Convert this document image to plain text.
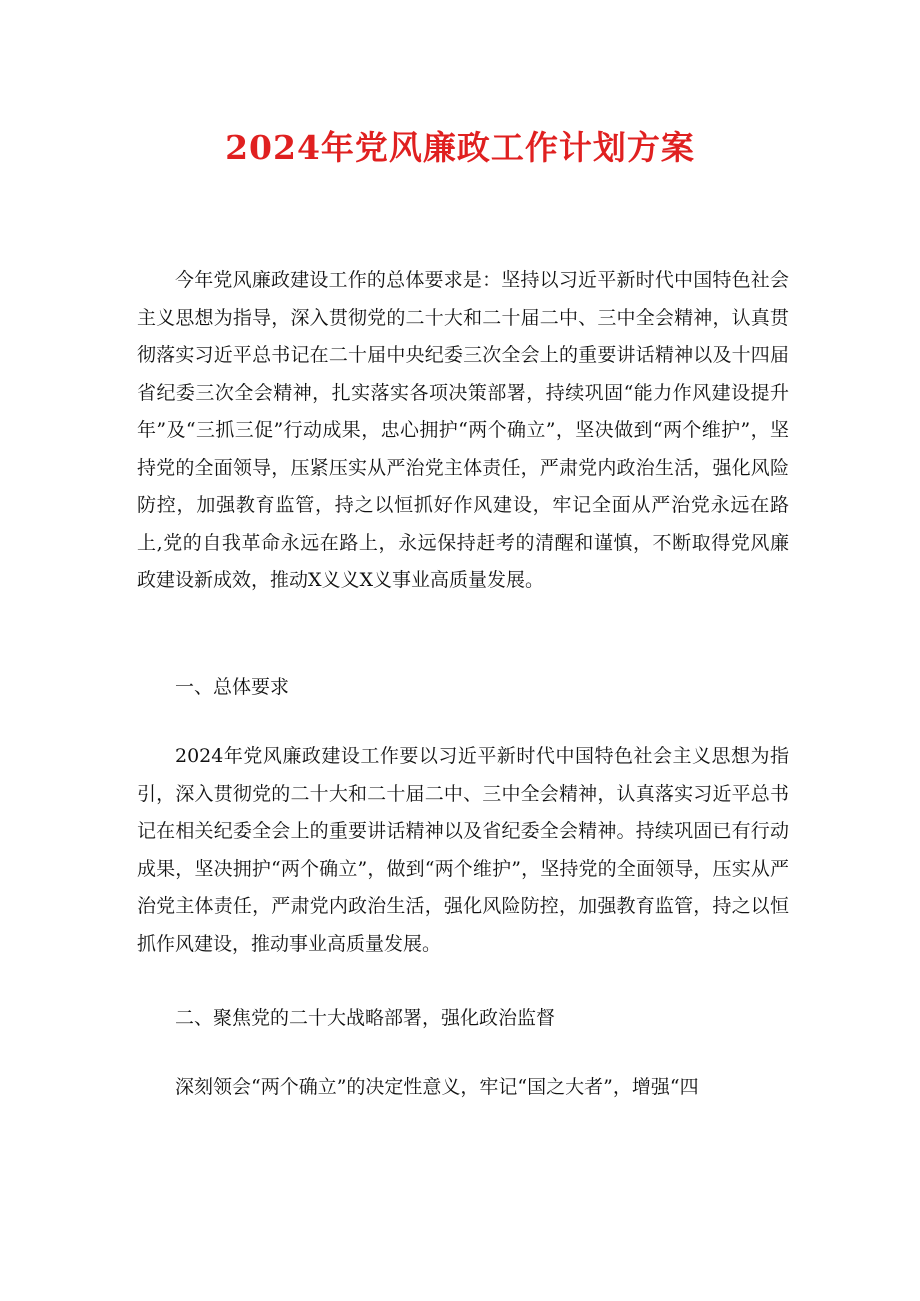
2024年党风廉政工作计划方案

今年党风廉政建设工作的总体要求是：坚持以习近平新时代中国特色社会主义思想为指导，深入贯彻党的二十大和二十届二中、三中全会精神，认真贯彻落实习近平总书记在二十届中央纪委三次全会上的重要讲话精神以及十四届省纪委三次全会精神，扎实落实各项决策部署，持续巩固“能力作风建设提升年”及“三抓三促”行动成果，忠心拥护“两个确立”，坚决做到“两个维护”，坚持党的全面领导，压紧压实从严治党主体责任，严肃党内政治生活，强化风险防控，加强教育监管，持之以恒抓好作风建设，牢记全面从严治党永远在路上,党的自我革命永远在路上，永远保持赶考的清醒和谨慎，不断取得党风廉政建设新成效，推动X义义X义事业高质量发展。

一、总体要求

2024年党风廉政建设工作要以习近平新时代中国特色社会主义思想为指引，深入贯彻党的二十大和二十届二中、三中全会精神，认真落实习近平总书记在相关纪委全会上的重要讲话精神以及省纪委全会精神。持续巩固已有行动成果，坚决拥护“两个确立”，做到“两个维护”，坚持党的全面领导，压实从严治党主体责任，严肃党内政治生活，强化风险防控，加强教育监管，持之以恒抓作风建设，推动事业高质量发展。

二、聚焦党的二十大战略部署，强化政治监督

深刻领会“两个确立”的决定性意义，牢记“国之大者”，增强“四
